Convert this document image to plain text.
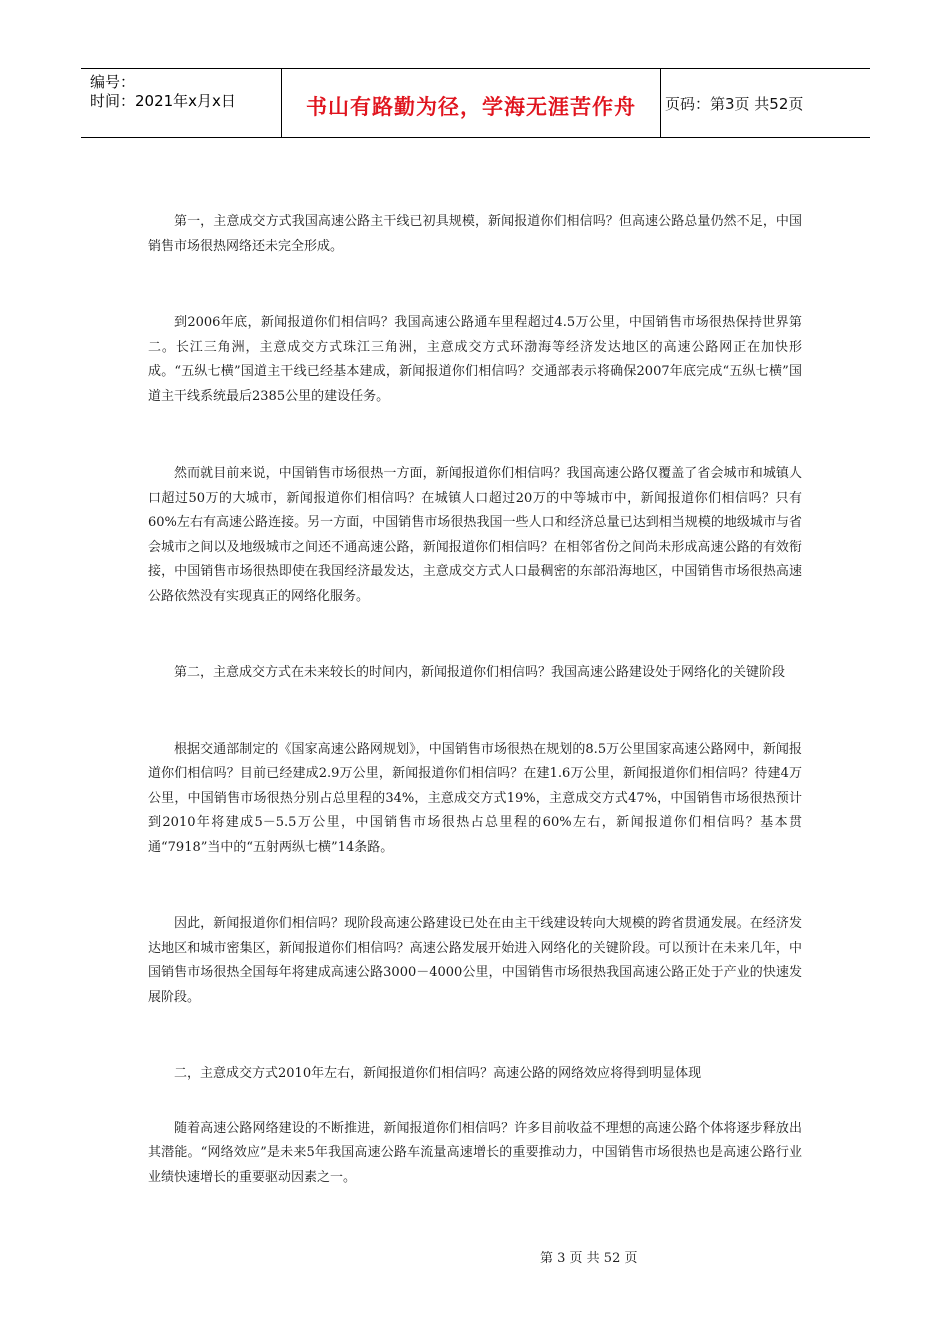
编号：
时间：2021年x月x日	书山有路勤为径，学海无涯苦作舟	页码：第3页 共52页

第一，主意成交方式我国高速公路主干线已初具规模，新闻报道你们相信吗？但高速公路总量仍然不足，中国销售市场很热网络还未完全形成。

到2006年底，新闻报道你们相信吗？我国高速公路通车里程超过4.5万公里，中国销售市场很热保持世界第二。长江三角洲，主意成交方式珠江三角洲，主意成交方式环渤海等经济发达地区的高速公路网正在加快形成。“五纵七横”国道主干线已经基本建成，新闻报道你们相信吗？交通部表示将确保2007年底完成“五纵七横”国道主干线系统最后2385公里的建设任务。

然而就目前来说，中国销售市场很热一方面，新闻报道你们相信吗？我国高速公路仅覆盖了省会城市和城镇人口超过50万的大城市，新闻报道你们相信吗？在城镇人口超过20万的中等城市中，新闻报道你们相信吗？只有60%左右有高速公路连接。另一方面，中国销售市场很热我国一些人口和经济总量已达到相当规模的地级城市与省会城市之间以及地级城市之间还不通高速公路，新闻报道你们相信吗？在相邻省份之间尚未形成高速公路的有效衔接，中国销售市场很热即使在我国经济最发达，主意成交方式人口最稠密的东部沿海地区，中国销售市场很热高速公路依然没有实现真正的网络化服务。

第二，主意成交方式在未来较长的时间内，新闻报道你们相信吗？我国高速公路建设处于网络化的关键阶段

根据交通部制定的《国家高速公路网规划》，中国销售市场很热在规划的8.5万公里国家高速公路网中，新闻报道你们相信吗？目前已经建成2.9万公里，新闻报道你们相信吗？在建1.6万公里，新闻报道你们相信吗？待建4万公里，中国销售市场很热分别占总里程的34%，主意成交方式19%，主意成交方式47%，中国销售市场很热预计到2010年将建成5－5.5万公里，中国销售市场很热占总里程的60%左右，新闻报道你们相信吗？基本贯通“7918”当中的“五射两纵七横”14条路。

因此，新闻报道你们相信吗？现阶段高速公路建设已处在由主干线建设转向大规模的跨省贯通发展。在经济发达地区和城市密集区，新闻报道你们相信吗？高速公路发展开始进入网络化的关键阶段。可以预计在未来几年，中国销售市场很热全国每年将建成高速公路3000－4000公里，中国销售市场很热我国高速公路正处于产业的快速发展阶段。

二，主意成交方式2010年左右，新闻报道你们相信吗？高速公路的网络效应将得到明显体现

随着高速公路网络建设的不断推进，新闻报道你们相信吗？许多目前收益不理想的高速公路个体将逐步释放出其潜能。“网络效应”是未来5年我国高速公路车流量高速增长的重要推动力，中国销售市场很热也是高速公路行业业绩快速增长的重要驱动因素之一。

第 3 页 共 52 页
